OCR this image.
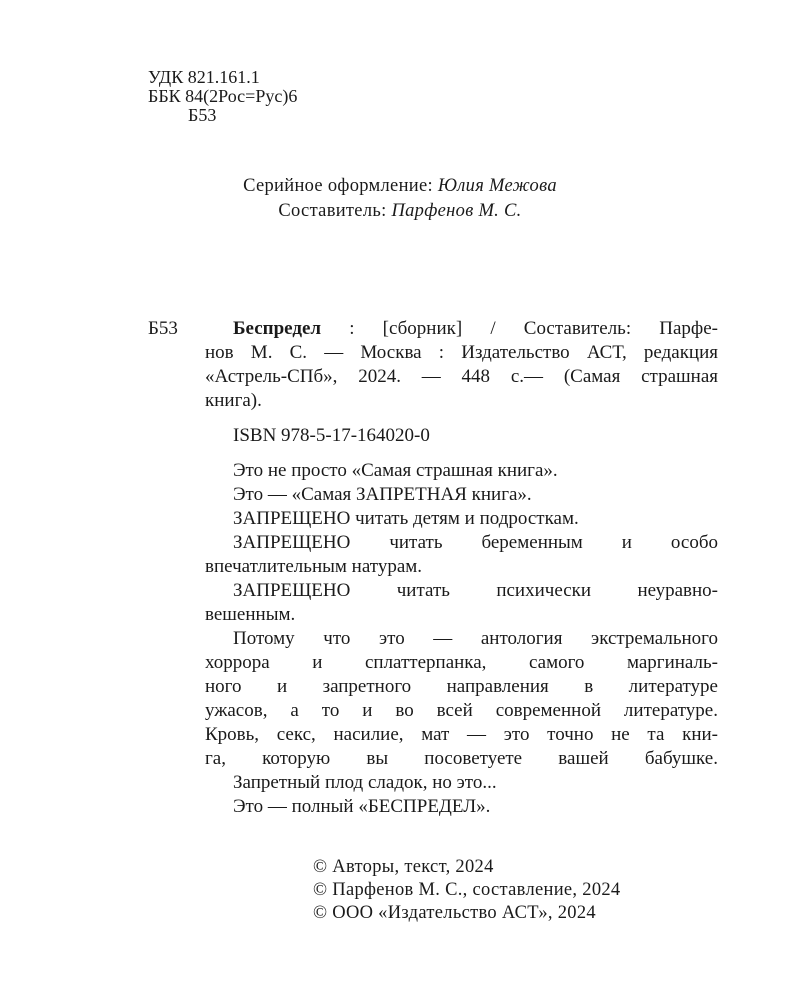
УДК 821.161.1
ББК 84(2Рос=Рус)6
Б53
Серийное оформление: Юлия Межова
Составитель: Парфенов М. С.
Б53	Беспредел : [сборник] / Составитель: Парфе-
нов М. С. — Москва : Издательство АСТ, редакция
«Астрель-СПб», 2024. — 448 с.— (Самая страшная
книга).
ISBN 978-5-17-164020-0
Это не просто «Самая страшная книга».
Это — «Самая ЗАПРЕТНАЯ книга».
ЗАПРЕЩЕНО читать детям и подросткам.
ЗАПРЕЩЕНО читать беременным и особо
впечатлительным натурам.
ЗАПРЕЩЕНО читать психически неуравно-
вешенным.
Потому что это — антология экстремального
хоррора и сплаттерпанка, самого маргиналь-
ного и запретного направления в литературе
ужасов, а то и во всей современной литературе.
Кровь, секс, насилие, мат — это точно не та кни-
га, которую вы посоветуете вашей бабушке.
Запретный плод сладок, но это...
Это — полный «БЕСПРЕДЕЛ».
© Авторы, текст, 2024
© Парфенов М. С., составление, 2024
© ООО «Издательство АСТ», 2024
